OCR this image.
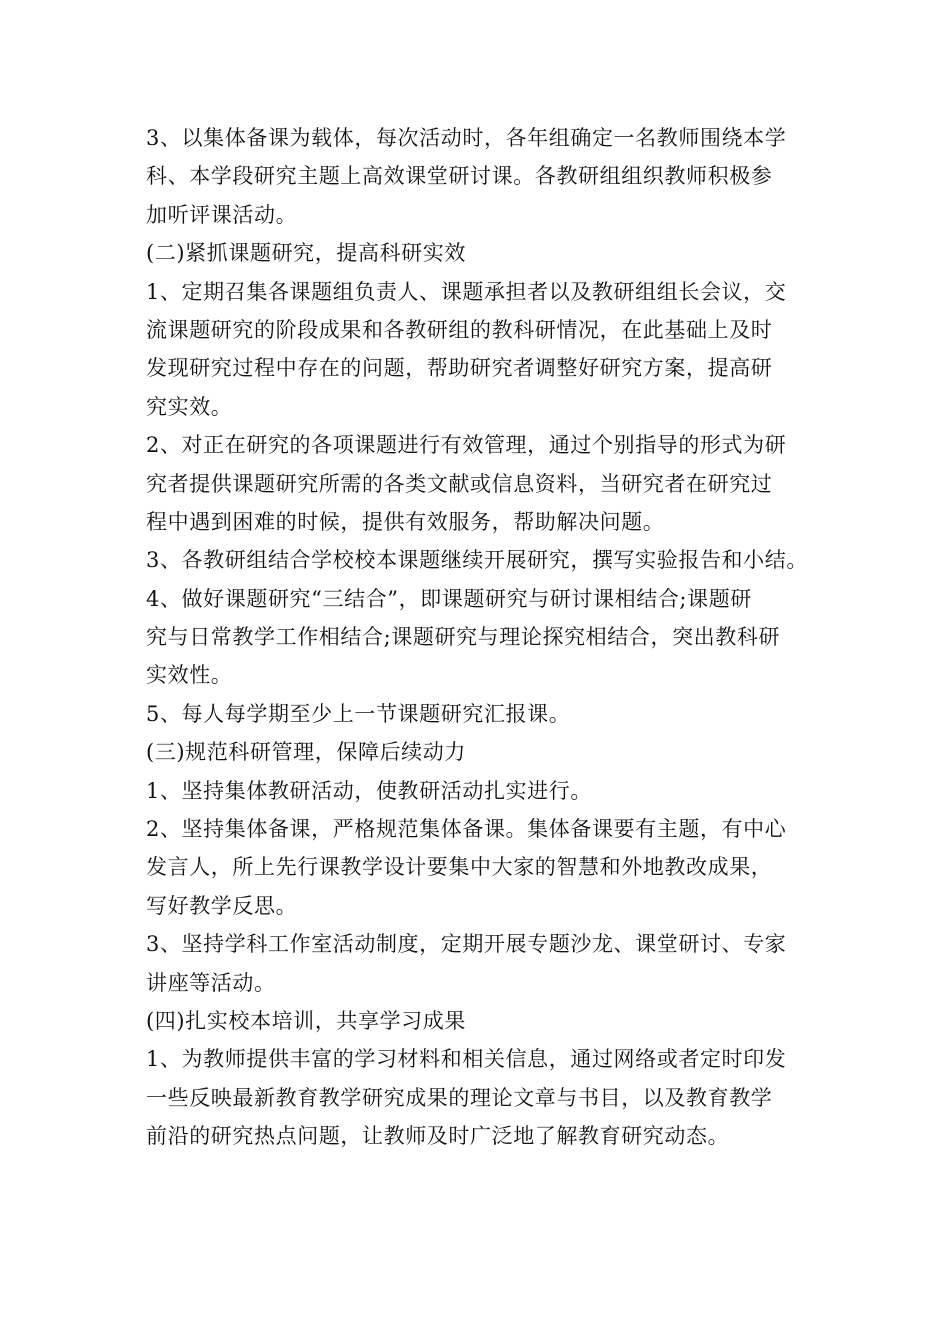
3、以集体备课为载体，每次活动时，各年组确定一名教师围绕本学
科、本学段研究主题上高效课堂研讨课。各教研组组织教师积极参
加听评课活动。
(二)紧抓课题研究，提高科研实效
1、定期召集各课题组负责人、课题承担者以及教研组组长会议，交
流课题研究的阶段成果和各教研组的教科研情况，在此基础上及时
发现研究过程中存在的问题，帮助研究者调整好研究方案，提高研
究实效。
2、对正在研究的各项课题进行有效管理，通过个别指导的形式为研
究者提供课题研究所需的各类文献或信息资料，当研究者在研究过
程中遇到困难的时候，提供有效服务，帮助解决问题。
3、各教研组结合学校校本课题继续开展研究，撰写实验报告和小结。
4、做好课题研究“三结合”，即课题研究与研讨课相结合;课题研
究与日常教学工作相结合;课题研究与理论探究相结合，突出教科研
实效性。
5、每人每学期至少上一节课题研究汇报课。
(三)规范科研管理，保障后续动力
1、坚持集体教研活动，使教研活动扎实进行。
2、坚持集体备课，严格规范集体备课。集体备课要有主题，有中心
发言人，所上先行课教学设计要集中大家的智慧和外地教改成果，
写好教学反思。
3、坚持学科工作室活动制度，定期开展专题沙龙、课堂研讨、专家
讲座等活动。
(四)扎实校本培训，共享学习成果
1、为教师提供丰富的学习材料和相关信息，通过网络或者定时印发
一些反映最新教育教学研究成果的理论文章与书目，以及教育教学
前沿的研究热点问题，让教师及时广泛地了解教育研究动态。
